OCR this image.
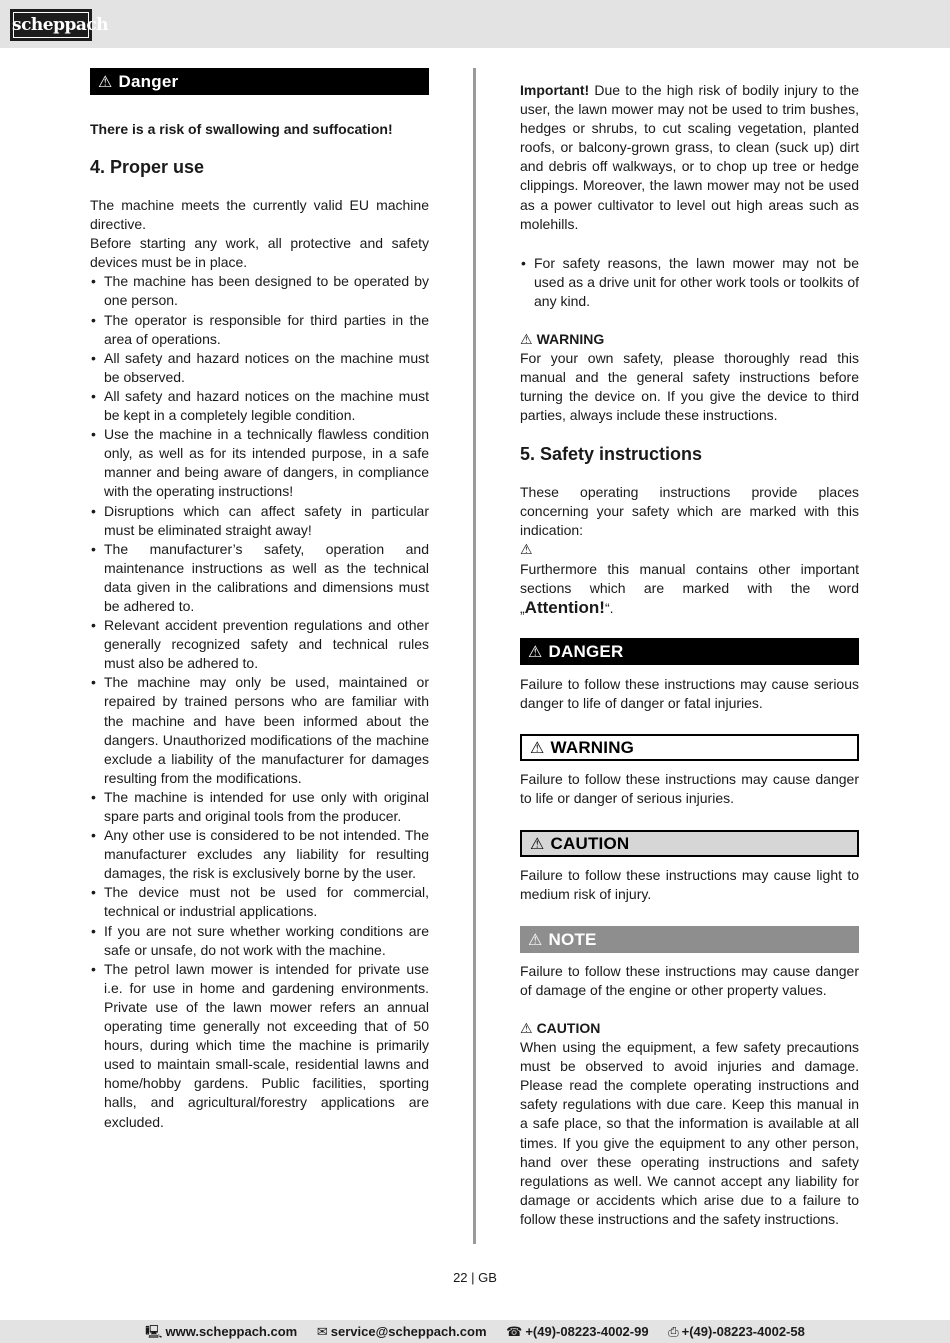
scheppach
⚠ Danger

There is a risk of swallowing and suffocation!

4. Proper use

The machine meets the currently valid EU machine directive.

Before starting any work, all protective and safety devices must be in place.

• The machine has been designed to be operated by one person.
• The operator is responsible for third parties in the area of operations.
• All safety and hazard notices on the machine must be observed.
• All safety and hazard notices on the machine must be kept in a completely legible condition.
• Use the machine in a technically flawless condition only, as well as for its intended purpose, in a safe manner and being aware of dangers, in compliance with the operating instructions!
• Disruptions which can affect safety in particular must be eliminated straight away!
• The manufacturer’s safety, operation and maintenance instructions as well as the technical data given in the calibrations and dimensions must be adhered to.
• Relevant accident prevention regulations and other generally recognized safety and technical rules must also be adhered to.
• The machine may only be used, maintained or repaired by trained persons who are familiar with the machine and have been informed about the dangers. Unauthorized modifications of the machine exclude a liability of the manufacturer for damages resulting from the modifications.
• The machine is intended for use only with original spare parts and original tools from the producer.
• Any other use is considered to be not intended. The manufacturer excludes any liability for resulting damages, the risk is exclusively borne by the user.
• The device must not be used for commercial, technical or industrial applications.
• If you are not sure whether working conditions are safe or unsafe, do not work with the machine.
• The petrol lawn mower is intended for private use i.e. for use in home and gardening environments. Private use of the lawn mower refers an annual operating time generally not exceeding that of 50 hours, during which time the machine is primarily used to maintain small-scale, residential lawns and home/hobby gardens. Public facilities, sporting halls, and agricultural/forestry applications are excluded.

Important! Due to the high risk of bodily injury to the user, the lawn mower may not be used to trim bushes, hedges or shrubs, to cut scaling vegetation, planted roofs, or balcony-grown grass, to clean (suck up) dirt and debris off walkways, or to chop up tree or hedge clippings. Moreover, the lawn mower may not be used as a power cultivator to level out high areas such as molehills.

• For safety reasons, the lawn mower may not be used as a drive unit for other work tools or toolkits of any kind.

⚠ WARNING

For your own safety, please thoroughly read this manual and the general safety instructions before turning the device on. If you give the device to third parties, always include these instructions.

5. Safety instructions

These operating instructions provide places concerning your safety which are marked with this indication:

⚠

Furthermore this manual contains other important sections which are marked with the word „Attention!“.

⚠ DANGER

Failure to follow these instructions may cause serious danger to life of danger or fatal injuries.

⚠ WARNING

Failure to follow these instructions may cause danger to life or danger of serious injuries.

⚠ CAUTION

Failure to follow these instructions may cause light to medium risk of injury.

⚠ NOTE

Failure to follow these instructions may cause danger of damage of the engine or other property values.

⚠ CAUTION

When using the equipment, a few safety precautions must be observed to avoid injuries and damage. Please read the complete operating instructions and safety regulations with due care. Keep this manual in a safe place, so that the information is available at all times. If you give the equipment to any other person, hand over these operating instructions and safety regulations as well. We cannot accept any liability for damage or accidents which arise due to a failure to follow these instructions and the safety instructions.

22 | GB
🖳 www.scheppach.com ✉ service@scheppach.com ☎ +(49)-08223-4002-99 ⎙ +(49)-08223-4002-58
